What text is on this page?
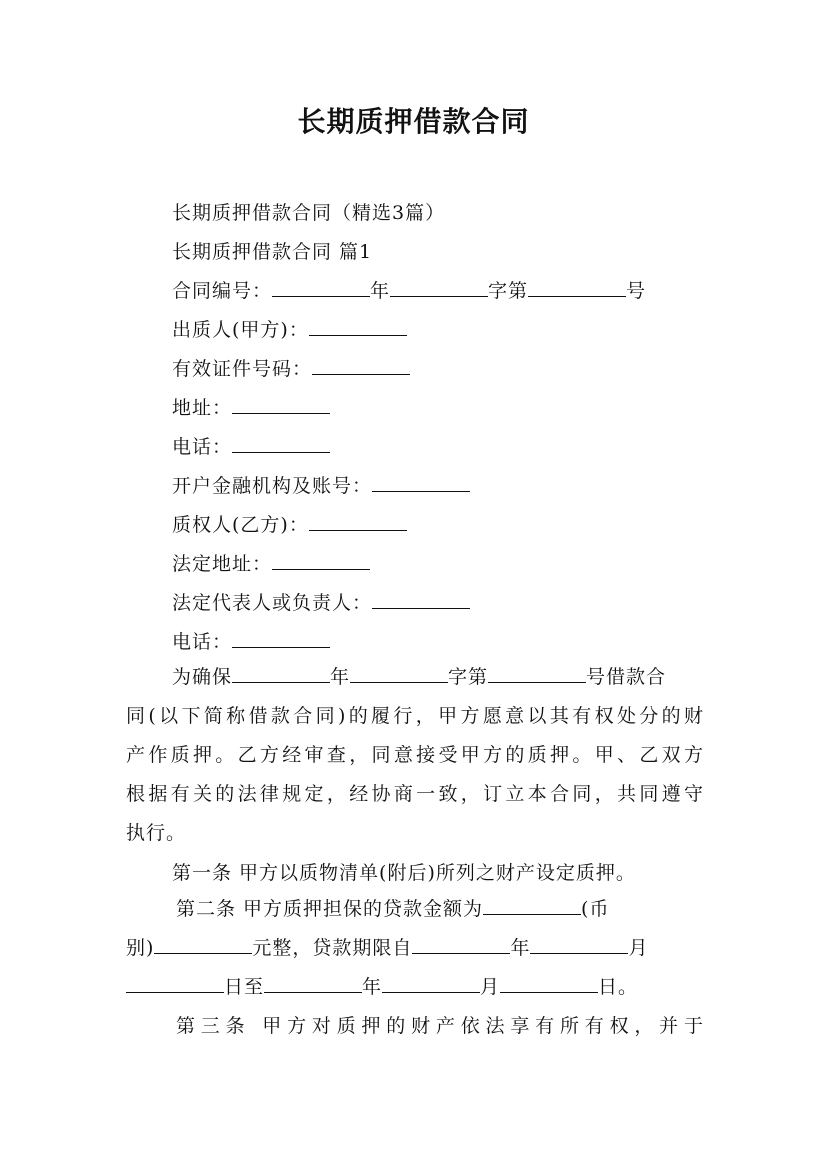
长期质押借款合同
长期质押借款合同（精选3篇）
长期质押借款合同 篇1
合同编号：	年	字第	号
出质人(甲方)：
有效证件号码：
地址：
电话：
开户金融机构及账号：
质权人(乙方)：
法定地址：
法定代表人或负责人：
电话：
为确保	年	字第	号借款合
同(以下简称借款合同)的履行，甲方愿意以其有权处分的财
产作质押。乙方经审查，同意接受甲方的质押。甲、乙双方
根据有关的法律规定，经协商一致，订立本合同，共同遵守
执行。
第一条 甲方以质物清单(附后)所列之财产设定质押。
第二条 甲方质押担保的贷款金额为	(币
别)	元整，贷款期限自	年	月
日至	年	月	日。
第三条 甲方对质押的财产依法享有所有权，并于
